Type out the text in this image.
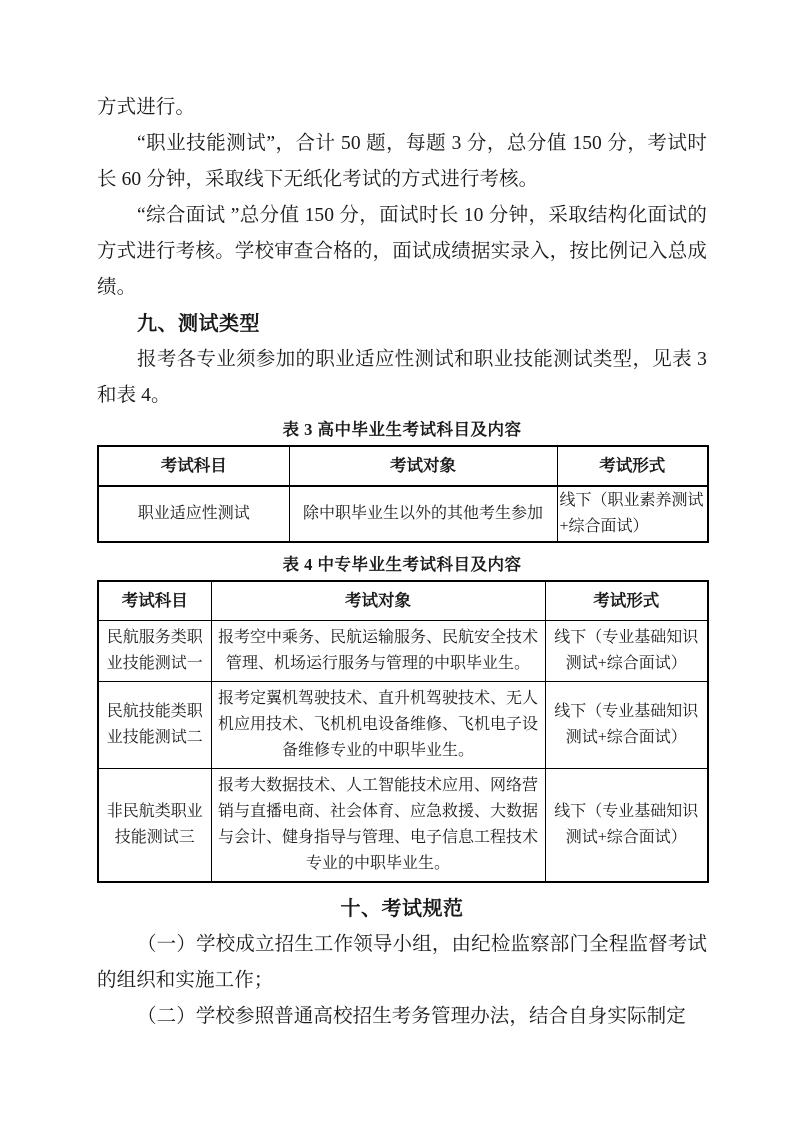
方式进行。

“职业技能测试”，合计 50 题，每题 3 分，总分值 150 分，考试时长 60 分钟，采取线下无纸化考试的方式进行考核。

“综合面试 ”总分值 150 分，面试时长 10 分钟，采取结构化面试的方式进行考核。学校审查合格的，面试成绩据实录入，按比例记入总成绩。

九、测试类型

报考各专业须参加的职业适应性测试和职业技能测试类型，见表 3 和表 4。

表 3 高中毕业生考试科目及内容
考试科目	考试对象	考试形式
职业适应性测试	除中职毕业生以外的其他考生参加	线下（职业素养测试+综合面试）
表 4 中专毕业生考试科目及内容
考试科目	考试对象	考试形式
民航服务类职业技能测试一	报考空中乘务、民航运输服务、民航安全技术管理、机场运行服务与管理的中职毕业生。	线下（专业基础知识测试+综合面试）
民航技能类职业技能测试二	报考定翼机驾驶技术、直升机驾驶技术、无人机应用技术、飞机机电设备维修、飞机电子设备维修专业的中职毕业生。	线下（专业基础知识测试+综合面试）
非民航类职业技能测试三	报考大数据技术、人工智能技术应用、网络营销与直播电商、社会体育、应急救援、大数据与会计、健身指导与管理、电子信息工程技术专业的中职毕业生。	线下（专业基础知识测试+综合面试）
十、考试规范

（一）学校成立招生工作领导小组，由纪检监察部门全程监督考试的组织和实施工作；

（二）学校参照普通高校招生考务管理办法，结合自身实际制定
